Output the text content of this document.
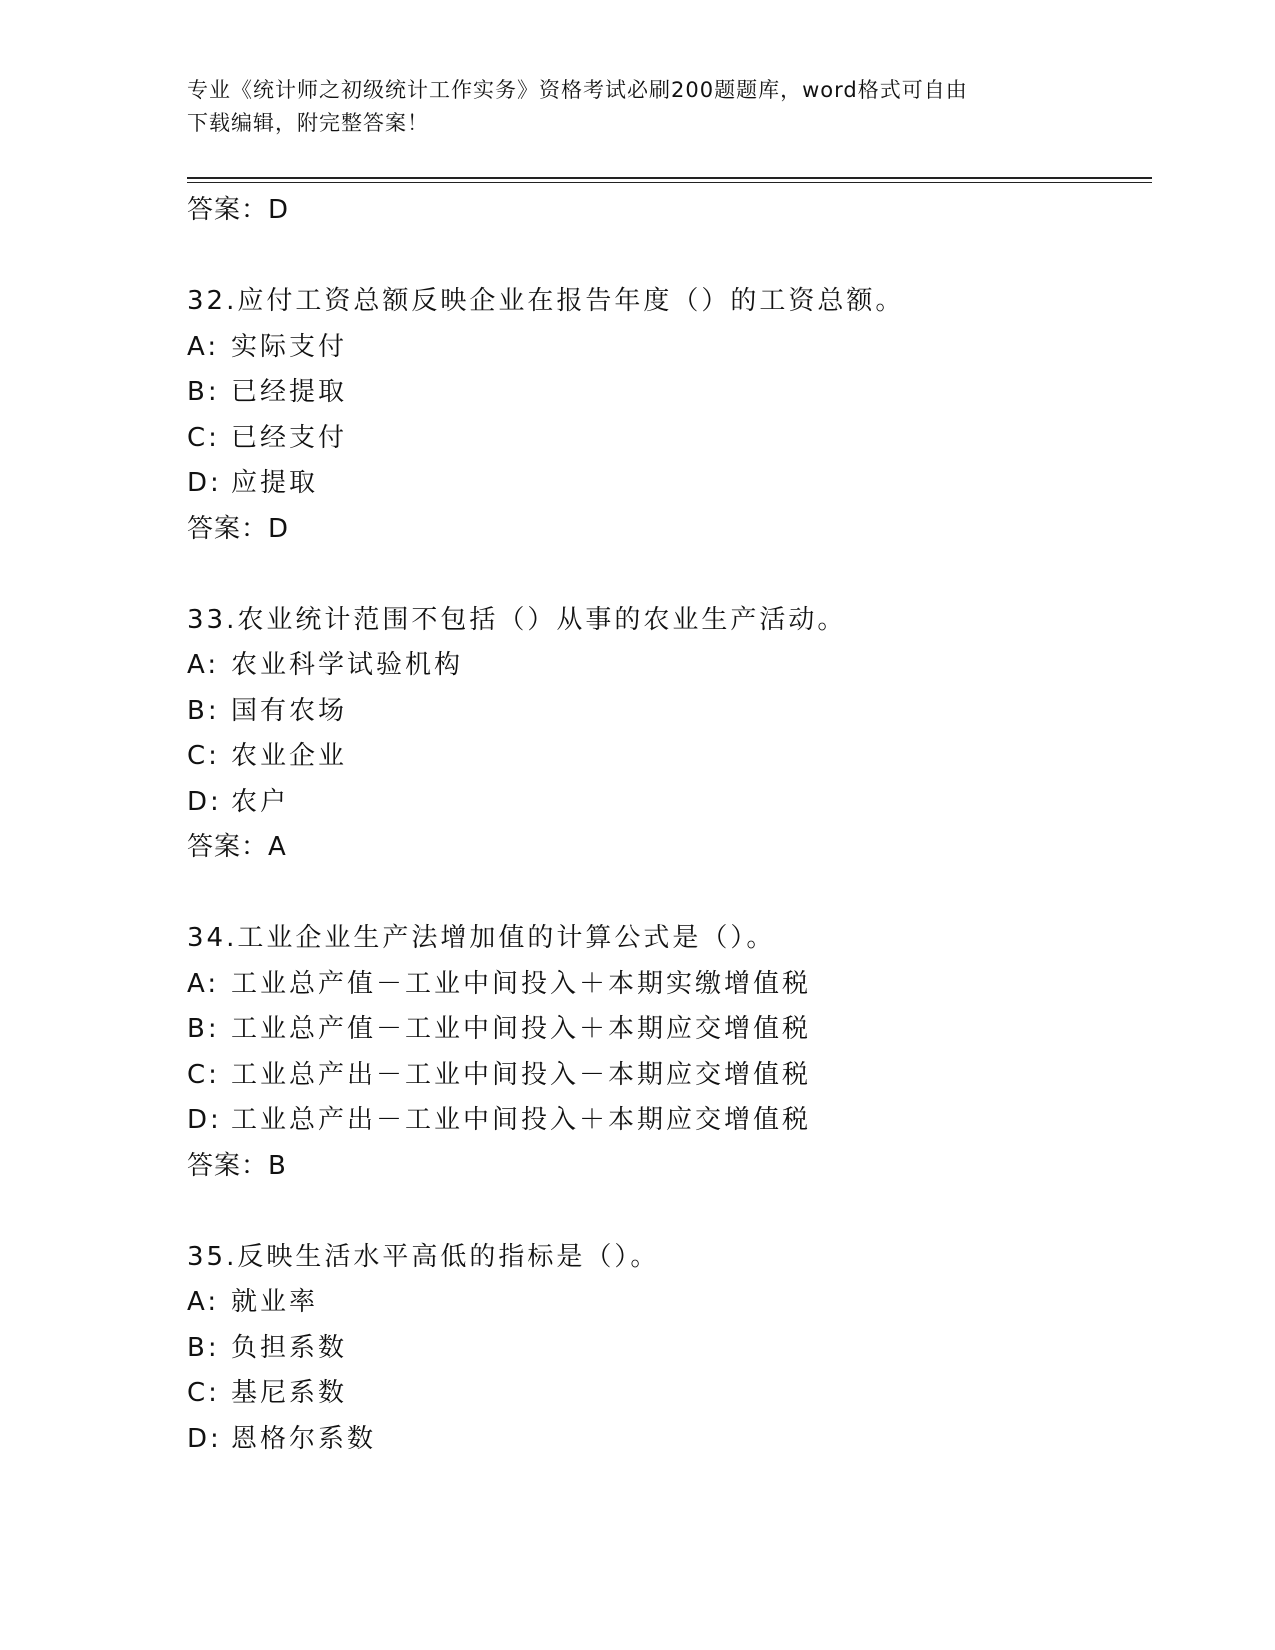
专业《统计师之初级统计工作实务》资格考试必刷200题题库，word格式可自由
下载编辑，附完整答案！
答案：D
32.应付工资总额反映企业在报告年度（）的工资总额。
A: 实际支付
B: 已经提取
C: 已经支付
D: 应提取
答案：D
33.农业统计范围不包括（）从事的农业生产活动。
A: 农业科学试验机构
B: 国有农场
C: 农业企业
D: 农户
答案：A
34.工业企业生产法增加值的计算公式是（）。
A: 工业总产值－工业中间投入＋本期实缴增值税
B: 工业总产值－工业中间投入＋本期应交增值税
C: 工业总产出－工业中间投入－本期应交增值税
D: 工业总产出－工业中间投入＋本期应交增值税
答案：B
35.反映生活水平高低的指标是（）。
A: 就业率
B: 负担系数
C: 基尼系数
D: 恩格尔系数
